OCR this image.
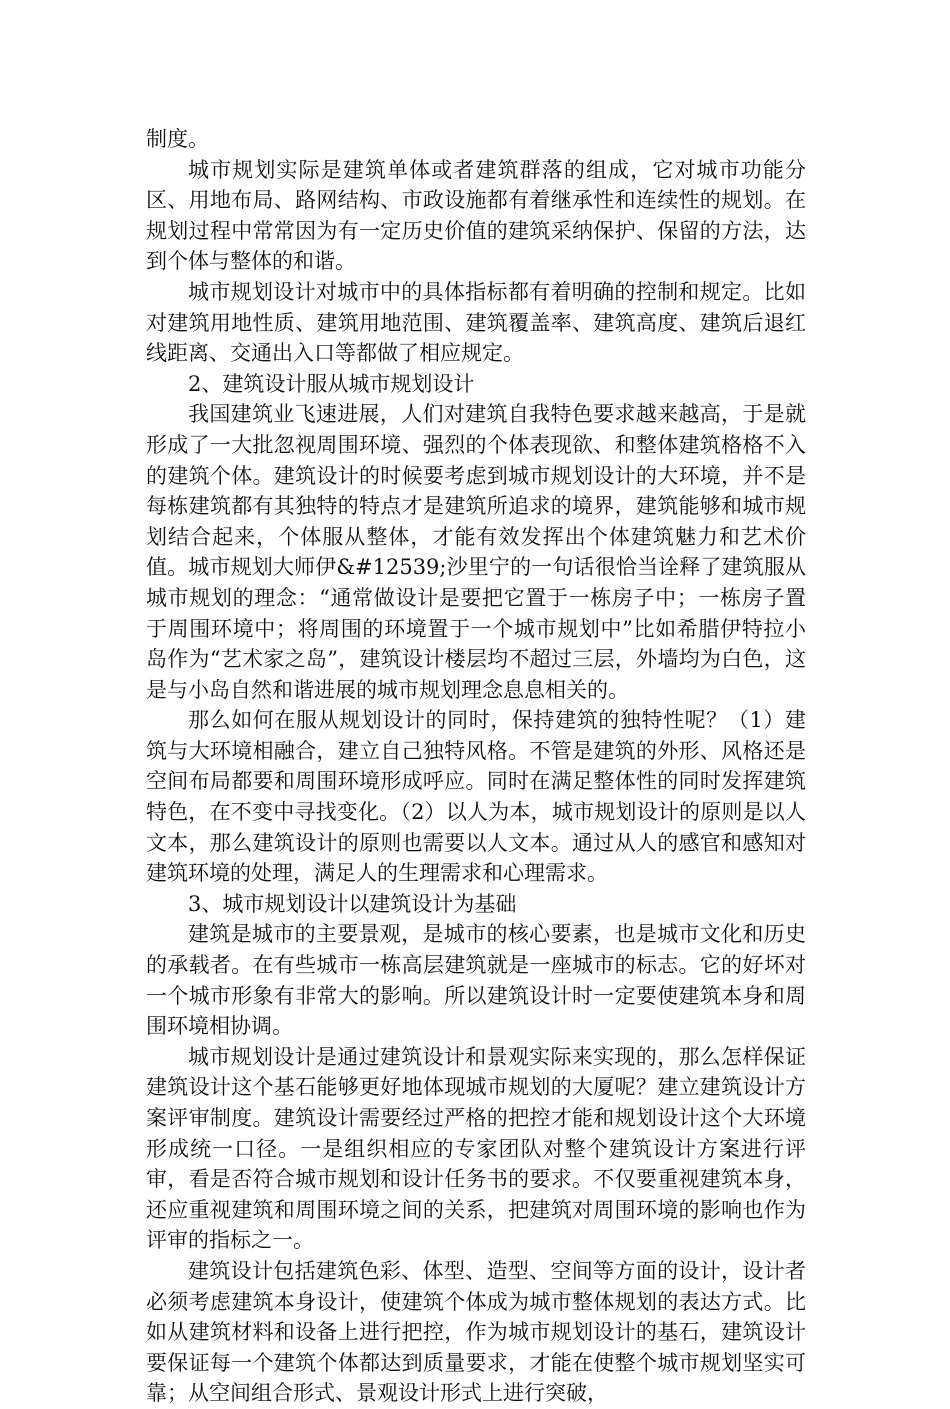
制度。

城市规划实际是建筑单体或者建筑群落的组成，它对城市功能分区、用地布局、路网结构、市政设施都有着继承性和连续性的规划。在规划过程中常常因为有一定历史价值的建筑采纳保护、保留的方法，达到个体与整体的和谐。

城市规划设计对城市中的具体指标都有着明确的控制和规定。比如对建筑用地性质、建筑用地范围、建筑覆盖率、建筑高度、建筑后退红线距离、交通出入口等都做了相应规定。

2、建筑设计服从城市规划设计

我国建筑业飞速进展，人们对建筑自我特色要求越来越高，于是就形成了一大批忽视周围环境、强烈的个体表现欲、和整体建筑格格不入的建筑个体。建筑设计的时候要考虑到城市规划设计的大环境，并不是每栋建筑都有其独特的特点才是建筑所追求的境界，建筑能够和城市规划结合起来，个体服从整体，才能有效发挥出个体建筑魅力和艺术价值。城市规划大师伊&#12539;沙里宁的一句话很恰当诠释了建筑服从城市规划的理念：“通常做设计是要把它置于一栋房子中；一栋房子置于周围环境中；将周围的环境置于一个城市规划中”比如希腊伊特拉小岛作为“艺术家之岛”，建筑设计楼层均不超过三层，外墙均为白色，这是与小岛自然和谐进展的城市规划理念息息相关的。

那么如何在服从规划设计的同时，保持建筑的独特性呢？（1）建筑与大环境相融合，建立自己独特风格。不管是建筑的外形、风格还是空间布局都要和周围环境形成呼应。同时在满足整体性的同时发挥建筑特色，在不变中寻找变化。（2）以人为本，城市规划设计的原则是以人文本，那么建筑设计的原则也需要以人文本。通过从人的感官和感知对建筑环境的处理，满足人的生理需求和心理需求。

3、城市规划设计以建筑设计为基础

建筑是城市的主要景观，是城市的核心要素，也是城市文化和历史的承载者。在有些城市一栋高层建筑就是一座城市的标志。它的好坏对一个城市形象有非常大的影响。所以建筑设计时一定要使建筑本身和周围环境相协调。

城市规划设计是通过建筑设计和景观实际来实现的，那么怎样保证建筑设计这个基石能够更好地体现城市规划的大厦呢？建立建筑设计方案评审制度。建筑设计需要经过严格的把控才能和规划设计这个大环境形成统一口径。一是组织相应的专家团队对整个建筑设计方案进行评审，看是否符合城市规划和设计任务书的要求。不仅要重视建筑本身，还应重视建筑和周围环境之间的关系，把建筑对周围环境的影响也作为评审的指标之一。

建筑设计包括建筑色彩、体型、造型、空间等方面的设计，设计者必须考虑建筑本身设计，使建筑个体成为城市整体规划的表达方式。比如从建筑材料和设备上进行把控，作为城市规划设计的基石，建筑设计要保证每一个建筑个体都达到质量要求，才能在使整个城市规划坚实可靠；从空间组合形式、景观设计形式上进行突破，
